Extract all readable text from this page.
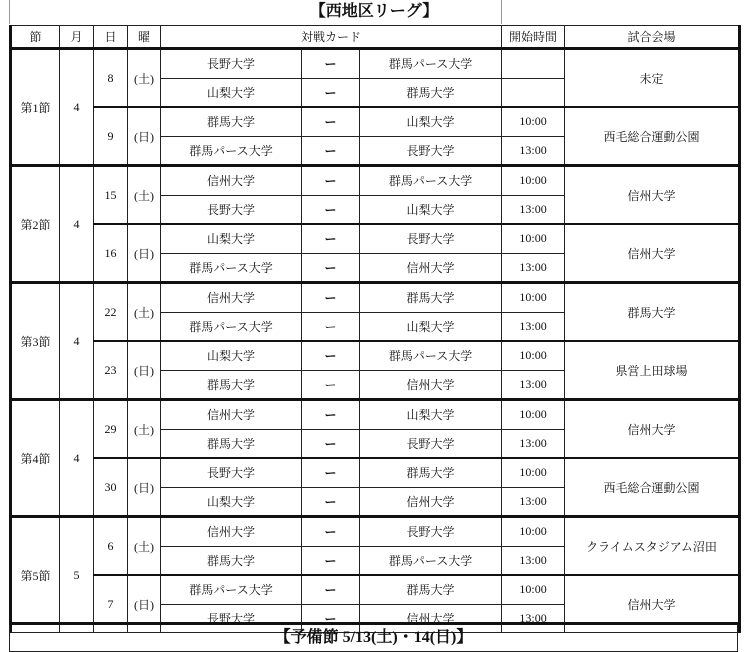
【西地区リーグ】
節	月	日	曜	対戦カード			開始時間	試合会場
第1節	4	8	(土)	長野大学	ー	群馬パース大学		未定
				山梨大学	ー	群馬大学		
		9	(日)	群馬大学	ー	山梨大学	10:00	西毛総合運動公園
				群馬パース大学	ー	長野大学	13:00	
第2節	4	15	(土)	信州大学	ー	群馬パース大学	10:00	信州大学
				長野大学	ー	山梨大学	13:00	
		16	(日)	山梨大学	ー	長野大学	10:00	信州大学
				群馬パース大学	ー	信州大学	13:00	
第3節	4	22	(土)	信州大学	ー	群馬大学	10:00	群馬大学
				群馬パース大学	ー	山梨大学	13:00	
		23	(日)	山梨大学	ー	群馬パース大学	10:00	県営上田球場
				群馬大学	ー	信州大学	13:00	
第4節	4	29	(土)	信州大学	ー	山梨大学	10:00	信州大学
				群馬大学	ー	長野大学	13:00	
		30	(日)	長野大学	ー	群馬大学	10:00	西毛総合運動公園
				山梨大学	ー	信州大学	13:00	
第5節	5	6	(土)	信州大学	ー	長野大学	10:00	クライムスタジアム沼田
				群馬大学	ー	群馬パース大学	13:00	
		7	(日)	群馬パース大学	ー	群馬大学	10:00	信州大学
				長野大学	ー	信州大学	13:00	
【予備節 5/13(土)・14(日)】
